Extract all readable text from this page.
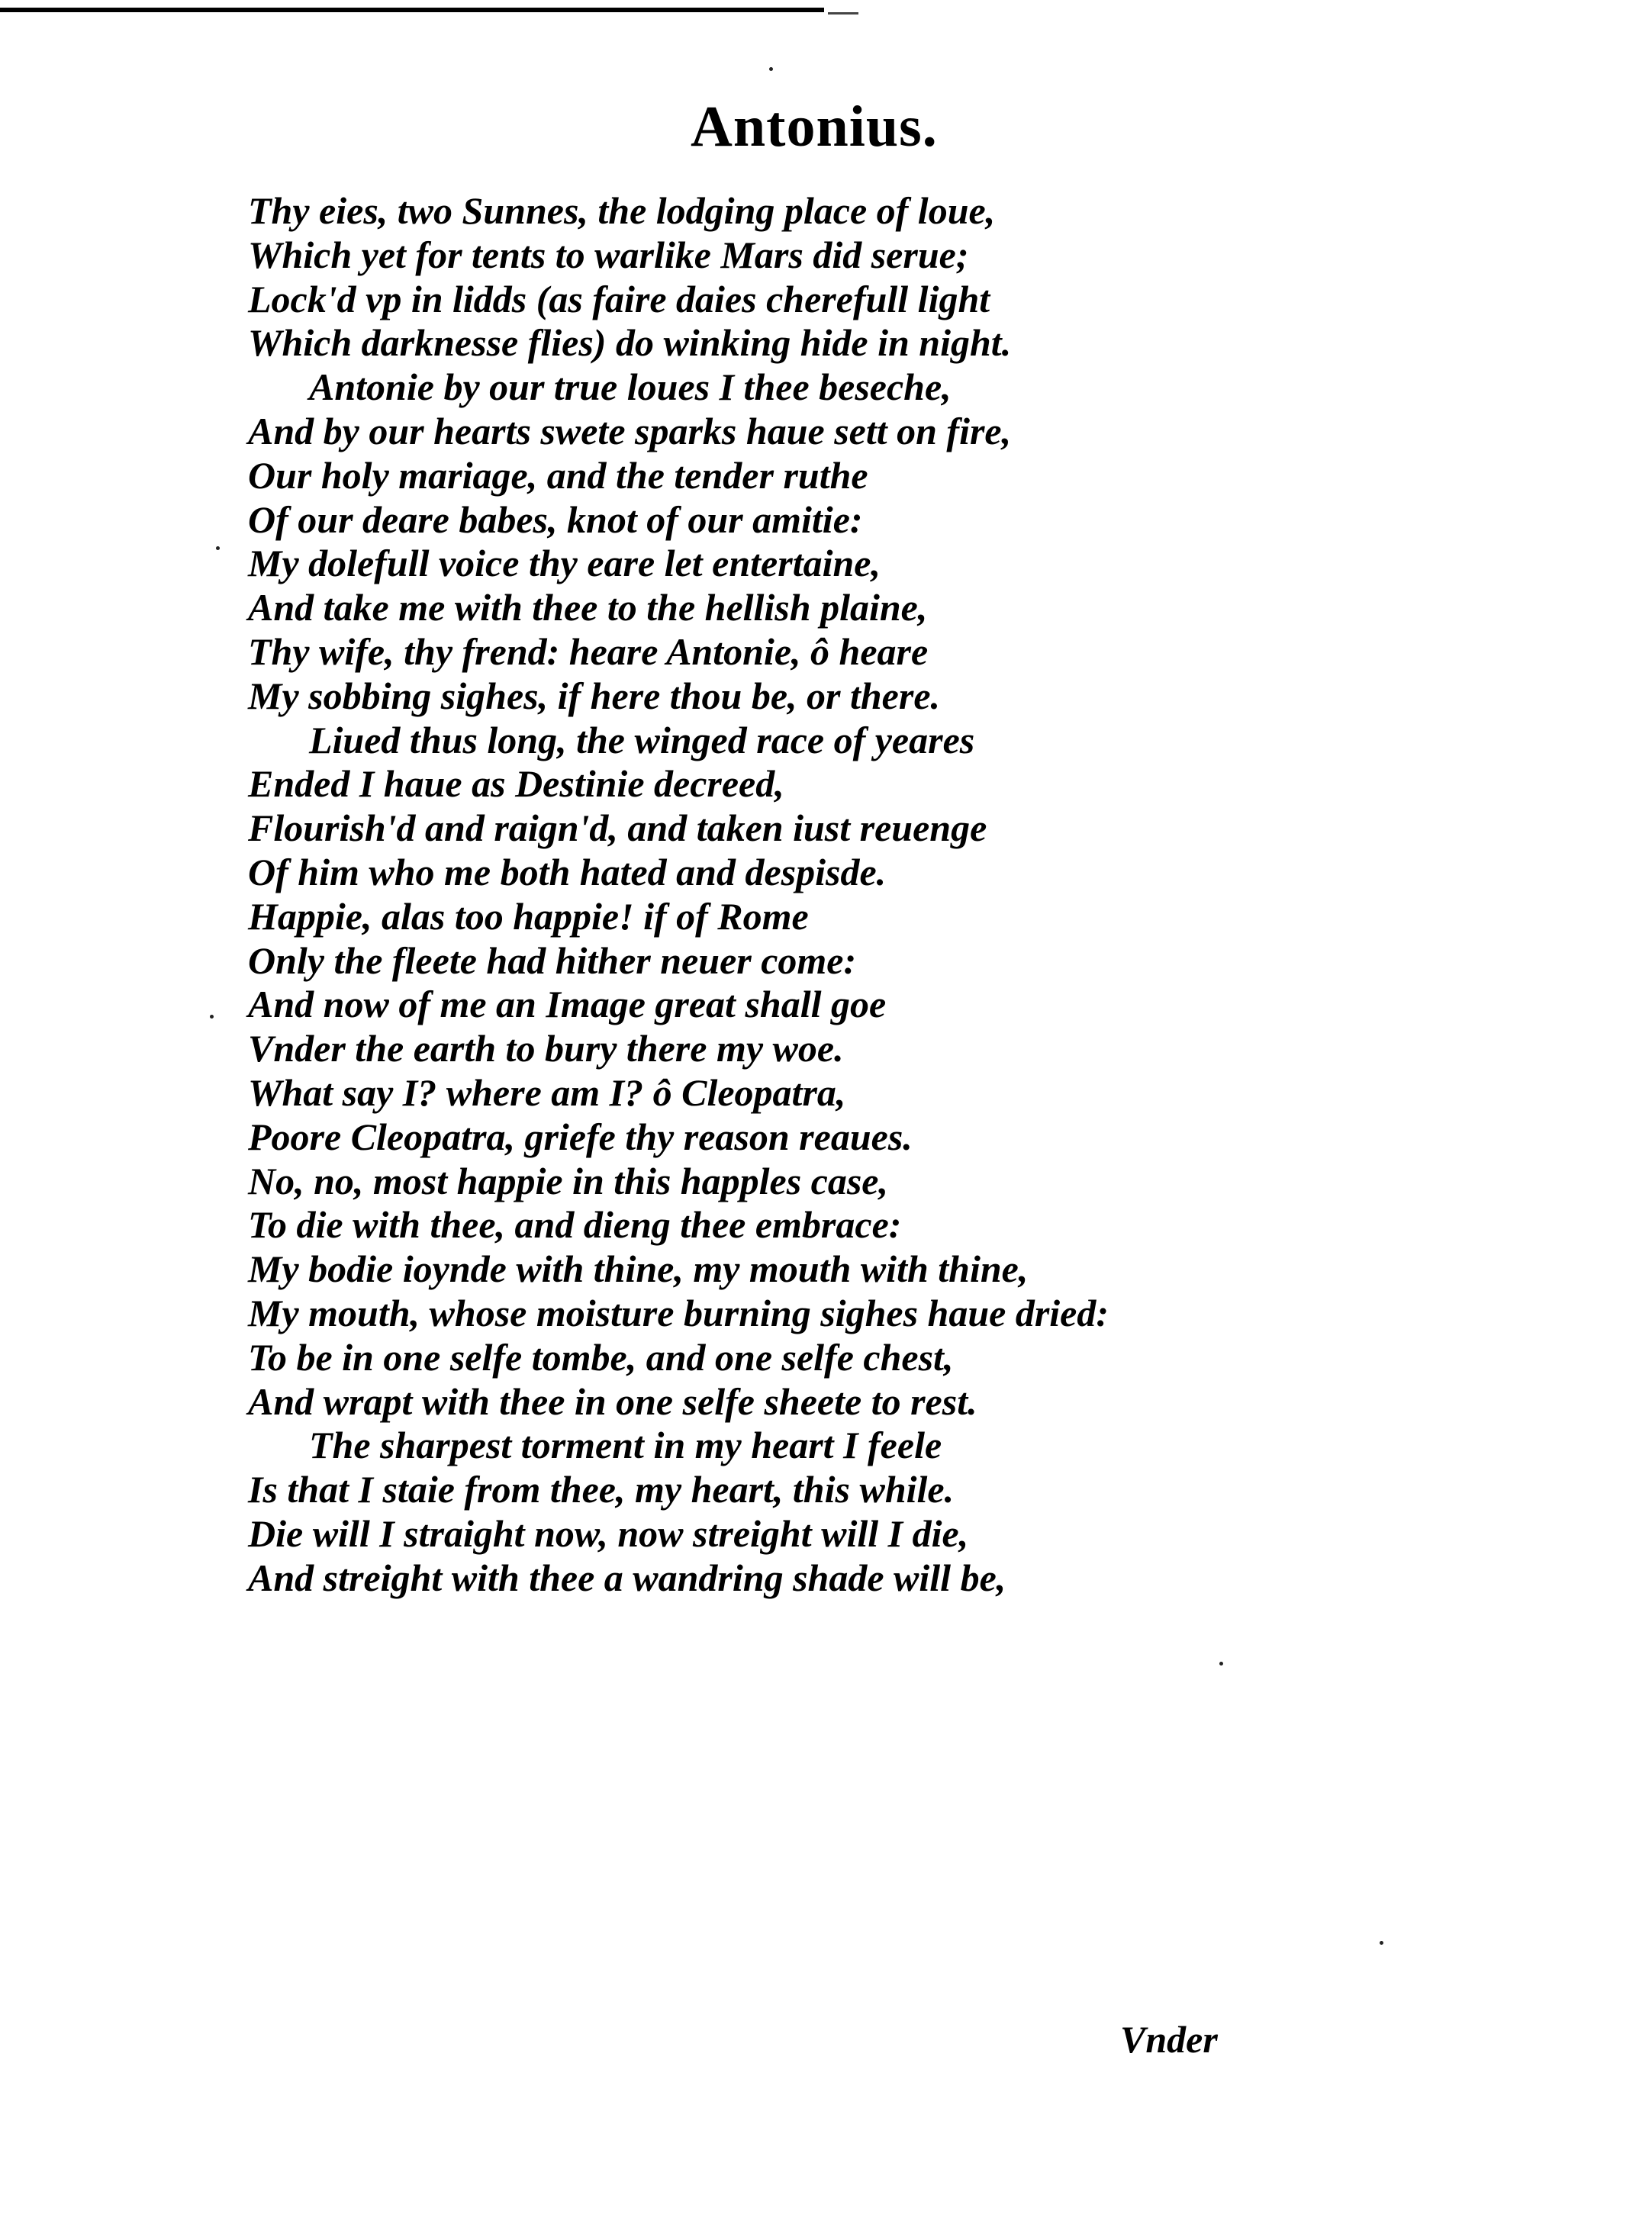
Antonius.
Thy eies, two Sunnes, the lodging place of loue,
Which yet for tents to warlike Mars did serue;
Lock'd vp in lidds (as faire daies cherefull light
Which darknesse flies) do winking hide in night.
Antonie by our true loues I thee beseche,
And by our hearts swete sparks haue sett on fire,
Our holy mariage, and the tender ruthe
Of our deare babes, knot of our amitie:
My dolefull voice thy eare let entertaine,
And take me with thee to the hellish plaine,
Thy wife, thy frend: heare Antonie, ô heare
My sobbing sighes, if here thou be, or there.
Liued thus long, the winged race of yeares
Ended I haue as Destinie decreed,
Flourish'd and raign'd, and taken iust reuenge
Of him who me both hated and despisde.
Happie, alas too happie! if of Rome
Only the fleete had hither neuer come:
And now of me an Image great shall goe
Vnder the earth to bury there my woe.
What say I? where am I? ô Cleopatra,
Poore Cleopatra, griefe thy reason reaues.
No, no, most happie in this happles case,
To die with thee, and dieng thee embrace:
My bodie ioynde with thine, my mouth with thine,
My mouth, whose moisture burning sighes haue dried:
To be in one selfe tombe, and one selfe chest,
And wrapt with thee in one selfe sheete to rest.
The sharpest torment in my heart I feele
Is that I staie from thee, my heart, this while.
Die will I straight now, now streight will I die,
And streight with thee a wandring shade will be,
Vnder
